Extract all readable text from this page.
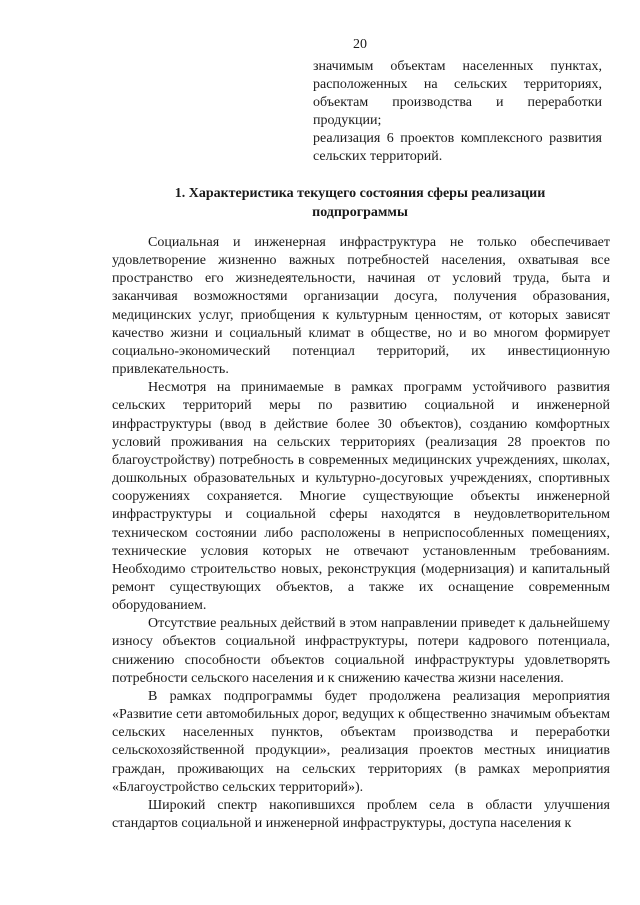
20

значимым объектам населенных пунктах, расположенных на сельских территориях, объектам производства и переработки продукции;

реализация 6 проектов комплексного развития сельских территорий.

1. Характеристика текущего состояния сферы реализации подпрограммы

Социальная и инженерная инфраструктура не только обеспечивает удовлетворение жизненно важных потребностей населения, охватывая все пространство его жизнедеятельности, начиная от условий труда, быта и заканчивая возможностями организации досуга, получения образования, медицинских услуг, приобщения к культурным ценностям, от которых зависят качество жизни и социальный климат в обществе, но и во многом формирует социально-экономический потенциал территорий, их инвестиционную привлекательность.

Несмотря на принимаемые в рамках программ устойчивого развития сельских территорий меры по развитию социальной и инженерной инфраструктуры (ввод в действие более 30 объектов), созданию комфортных условий проживания на сельских территориях (реализация 28 проектов по благоустройству) потребность в современных медицинских учреждениях, школах, дошкольных образовательных и культурно-досуговых учреждениях, спортивных сооружениях сохраняется. Многие существующие объекты инженерной инфраструктуры и социальной сферы находятся в неудовлетворительном техническом состоянии либо расположены в неприспособленных помещениях, технические условия которых не отвечают установленным требованиям. Необходимо строительство новых, реконструкция (модернизация) и капитальный ремонт существующих объектов, а также их оснащение современным оборудованием.

Отсутствие реальных действий в этом направлении приведет к дальнейшему износу объектов социальной инфраструктуры, потери кадрового потенциала, снижению способности объектов социальной инфраструктуры удовлетворять потребности сельского населения и к снижению качества жизни населения.

В рамках подпрограммы будет продолжена реализация мероприятия «Развитие сети автомобильных дорог, ведущих к общественно значимым объектам сельских населенных пунктов, объектам производства и переработки сельскохозяйственной продукции», реализация проектов местных инициатив граждан, проживающих на сельских территориях (в рамках мероприятия «Благоустройство сельских территорий»).

Широкий спектр накопившихся проблем села в области улучшения стандартов социальной и инженерной инфраструктуры, доступа населения к
